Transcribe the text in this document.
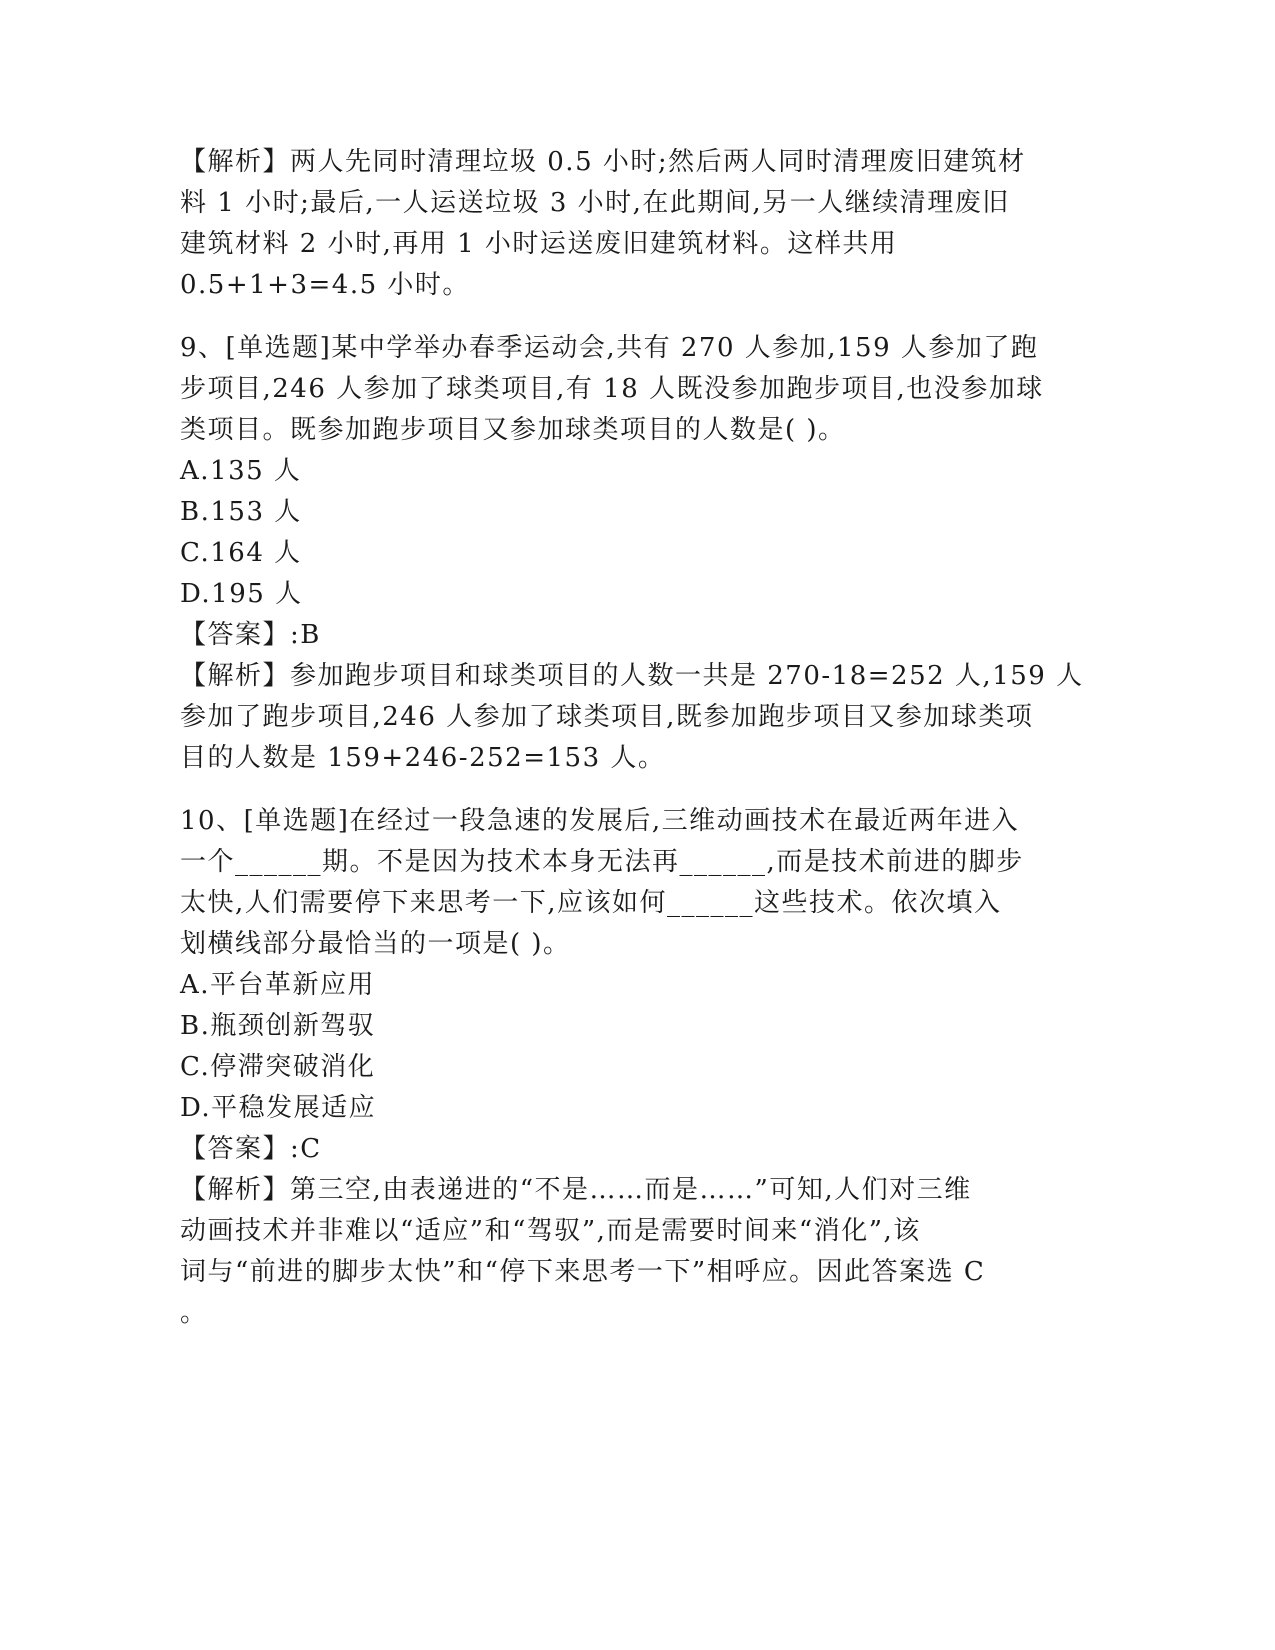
【解析】两人先同时清理垃圾 0.5 小时;然后两人同时清理废旧建筑材
料 1 小时;最后,一人运送垃圾 3 小时,在此期间,另一人继续清理废旧
建筑材料 2 小时,再用 1 小时运送废旧建筑材料。这样共用
0.5+1+3=4.5 小时。
9、[单选题]某中学举办春季运动会,共有 270 人参加,159 人参加了跑
步项目,246 人参加了球类项目,有 18 人既没参加跑步项目,也没参加球
类项目。既参加跑步项目又参加球类项目的人数是( )。
A.135 人
B.153 人
C.164 人
D.195 人
【答案】:B
【解析】参加跑步项目和球类项目的人数一共是 270-18=252 人,159 人
参加了跑步项目,246 人参加了球类项目,既参加跑步项目又参加球类项
目的人数是 159+246-252=153 人。
10、[单选题]在经过一段急速的发展后,三维动画技术在最近两年进入
一个______期。不是因为技术本身无法再______,而是技术前进的脚步
太快,人们需要停下来思考一下,应该如何______这些技术。依次填入
划横线部分最恰当的一项是( )。
A.平台革新应用
B.瓶颈创新驾驭
C.停滞突破消化
D.平稳发展适应
【答案】:C
【解析】第三空,由表递进的“不是……而是……”可知,人们对三维
动画技术并非难以“适应”和“驾驭”,而是需要时间来“消化”,该
词与“前进的脚步太快”和“停下来思考一下”相呼应。因此答案选 C
。
